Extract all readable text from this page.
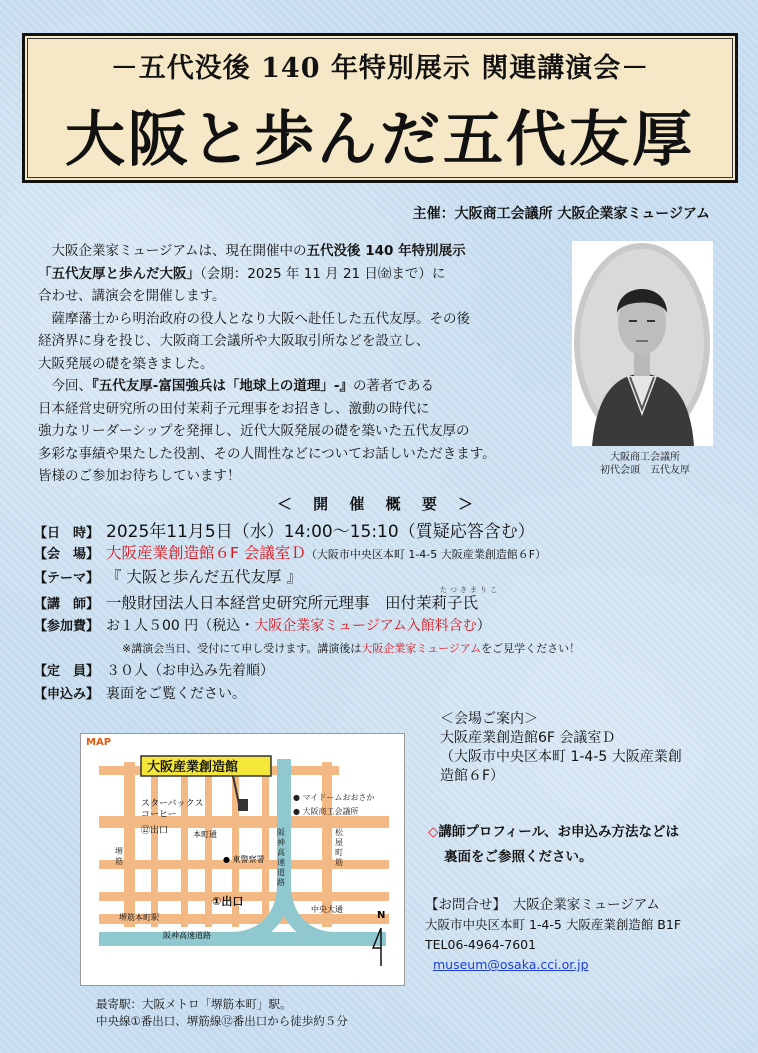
－五代没後 140 年特別展示 関連講演会－
大阪と歩んだ五代友厚
主催：大阪商工会議所 大阪企業家ミュージアム

大阪企業家ミュージアムは、現在開催中の五代没後 140 年特別展示

「五代友厚と歩んだ大阪」（会期：2025 年 11 月 21 日㈮まで）に

合わせ、講演会を開催します。

薩摩藩士から明治政府の役人となり大阪へ赴任した五代友厚。その後

経済界に身を投じ、大阪商工会議所や大阪取引所などを設立し、

大阪発展の礎を築きました。

今回、『五代友厚-富国強兵は「地球上の道理」-』の著者である

日本経営史研究所の田付茉莉子元理事をお招きし、激動の時代に

強力なリーダーシップを発揮し、近代大阪発展の礎を築いた五代友厚の

多彩な事績や果たした役割、その人間性などについてお話しいただきます。

皆様のご参加お待ちしています！

大阪商工会議所
初代会頭　五代友厚
＜ 開 催 概 要 ＞
【日　時】 2025年11月5日（水）14:00～15:10（質疑応答含む）
【会　場】 大阪産業創造館６F 会議室Ｄ（大阪市中央区本町 1-4-5 大阪産業創造館６F）
【テーマ】 『 大阪と歩んだ五代友厚 』
たつきまりこ
【講　師】 一般財団法人日本経営史研究所元理事　田付茉莉子氏
【参加費】 お１人５00 円（税込・大阪企業家ミュージアム入館料含む）
※講演会当日、受付にて申し受けます。講演後は大阪企業家ミュージアムをご見学ください！
【定　員】 ３０人（お申込み先着順）
【申込み】 裏面をご覧ください。
大阪産業創造館
MAP
スターバックス
コーヒー
⑫出口	本町通
● マイドームおおさか
● 大阪商工会議所
● 東警察署
①出口
堺筋本町駅
中央大通
阪神高速道路
N
堺筋
阪神高速道路
松屋町筋
最寄駅：大阪メトロ「堺筋本町」駅。
中央線①番出口、堺筋線⑫番出口から徒歩約５分
＜会場ご案内＞
大阪産業創造館6F 会議室Ｄ
（大阪市中央区本町 1-4-5 大阪産業創
造館６F）
◇講師プロフィール、お申込み方法などは
裏面をご参照ください。
【お問合せ】　 大阪企業家ミュージアム
大阪市中央区本町 1-4-5 大阪産業創造館 B1F
TEL06-4964-7601
museum@osaka.cci.or.jp
